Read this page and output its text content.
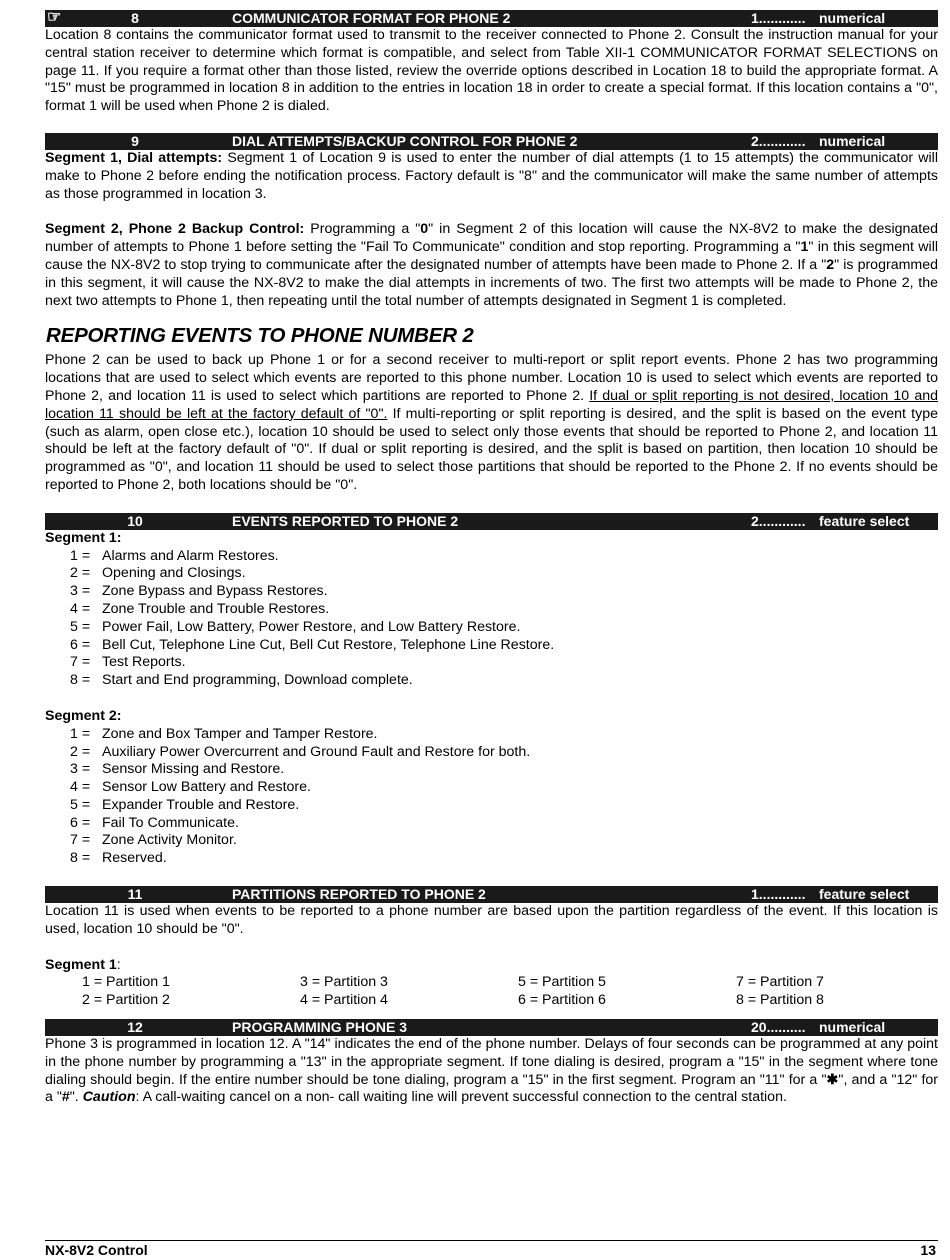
☞	8	COMMUNICATOR FORMAT FOR PHONE 2	1............ numerical

Location 8 contains the communicator format used to transmit to the receiver connected to Phone 2. Consult the instruction manual for your central station receiver to determine which format is compatible, and select from Table XII-1 COMMUNICATOR FORMAT SELECTIONS on page 11. If you require a format other than those listed, review the override options described in Location 18 to build the appropriate format. A "15" must be programmed in location 8 in addition to the entries in location 18 in order to create a special format. If this location contains a "0", format 1 will be used when Phone 2 is dialed.

9	DIAL ATTEMPTS/BACKUP CONTROL FOR PHONE 2	2............ numerical

Segment 1, Dial attempts: Segment 1 of Location 9 is used to enter the number of dial attempts (1 to 15 attempts) the communicator will make to Phone 2 before ending the notification process. Factory default is "8" and the communicator will make the same number of attempts as those programmed in location 3.

Segment 2, Phone 2 Backup Control: Programming a "0" in Segment 2 of this location will cause the NX-8V2 to make the designated number of attempts to Phone 1 before setting the "Fail To Communicate" condition and stop reporting. Programming a "1" in this segment will cause the NX-8V2 to stop trying to communicate after the designated number of attempts have been made to Phone 2. If a "2" is programmed in this segment, it will cause the NX-8V2 to make the dial attempts in increments of two. The first two attempts will be made to Phone 2, the next two attempts to Phone 1, then repeating until the total number of attempts designated in Segment 1 is completed.

REPORTING EVENTS TO PHONE NUMBER 2

Phone 2 can be used to back up Phone 1 or for a second receiver to multi-report or split report events. Phone 2 has two programming locations that are used to select which events are reported to this phone number. Location 10 is used to select which events are reported to Phone 2, and location 11 is used to select which partitions are reported to Phone 2. If dual or split reporting is not desired, location 10 and location 11 should be left at the factory default of "0". If multi-reporting or split reporting is desired, and the split is based on the event type (such as alarm, open close etc.), location 10 should be used to select only those events that should be reported to Phone 2, and location 11 should be left at the factory default of "0". If dual or split reporting is desired, and the split is based on partition, then location 10 should be programmed as "0", and location 11 should be used to select those partitions that should be reported to the Phone 2. If no events should be reported to Phone 2, both locations should be "0".

10	EVENTS REPORTED TO PHONE 2	2............ feature select
Segment 1:
1 = Alarms and Alarm Restores.
2 = Opening and Closings.
3 = Zone Bypass and Bypass Restores.
4 = Zone Trouble and Trouble Restores.
5 = Power Fail, Low Battery, Power Restore, and Low Battery Restore.
6 = Bell Cut, Telephone Line Cut, Bell Cut Restore, Telephone Line Restore.
7 = Test Reports.
8 = Start and End programming, Download complete.
Segment 2:
1 = Zone and Box Tamper and Tamper Restore.
2 = Auxiliary Power Overcurrent and Ground Fault and Restore for both.
3 = Sensor Missing and Restore.
4 = Sensor Low Battery and Restore.
5 = Expander Trouble and Restore.
6 = Fail To Communicate.
7 = Zone Activity Monitor.
8 = Reserved.
11	PARTITIONS REPORTED TO PHONE 2	1............ feature select

Location 11 is used when events to be reported to a phone number are based upon the partition regardless of the event. If this location is used, location 10 should be "0".

Segment 1:
1 = Partition 1	3 = Partition 3	5 = Partition 5	7 = Partition 7
2 = Partition 2	4 = Partition 4	6 = Partition 6	8 = Partition 8
12	PROGRAMMING PHONE 3	20.......... numerical

Phone 3 is programmed in location 12. A "14" indicates the end of the phone number. Delays of four seconds can be programmed at any point in the phone number by programming a "13" in the appropriate segment. If tone dialing is desired, program a "15" in the segment where tone dialing should begin. If the entire number should be tone dialing, program a "15" in the first segment. Program an "11" for a "✱", and a "12" for a "#". Caution: A call-waiting cancel on a non- call waiting line will prevent successful connection to the central station.

NX-8V2 Control	13
